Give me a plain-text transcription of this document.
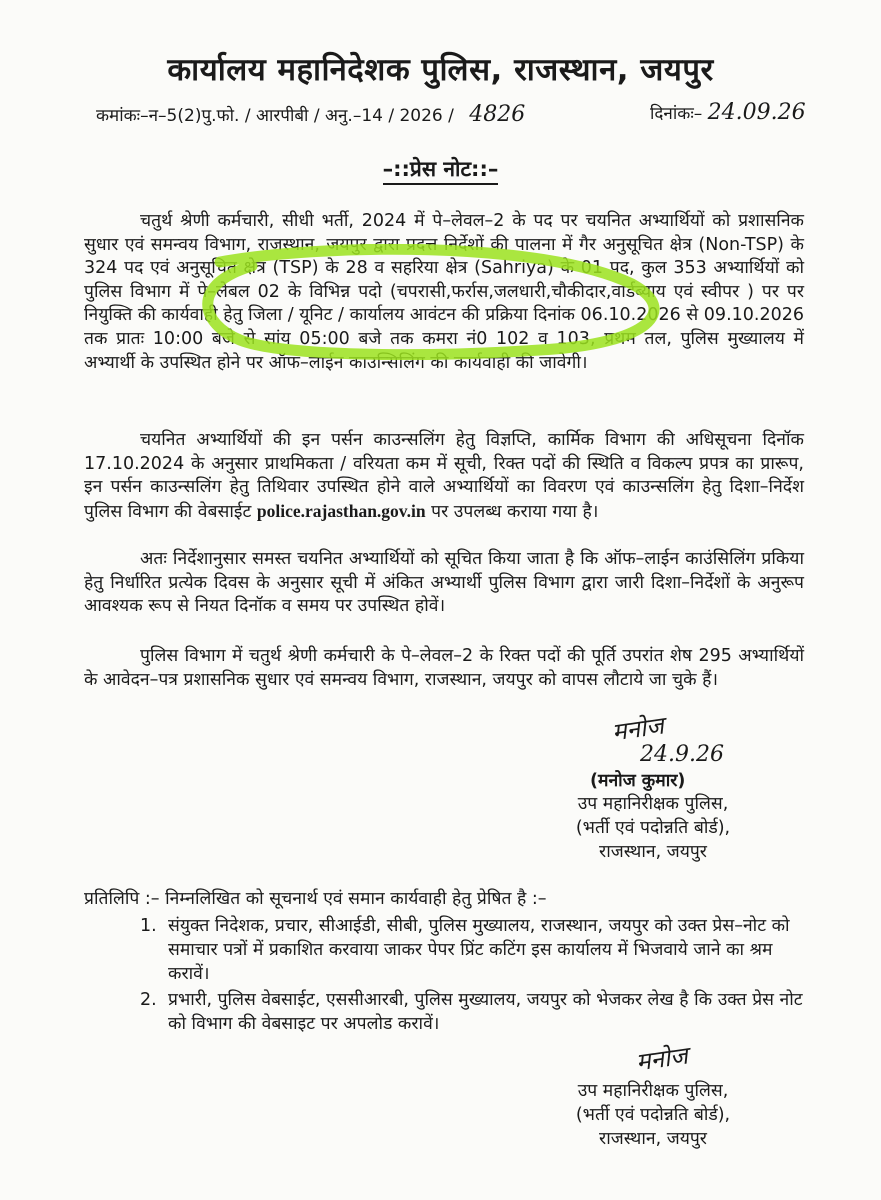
कार्यालय महानिदेशक पुलिस, राजस्थान, जयपुर
कमांकः–न–5(2)पु.फो. / आरपीबी / अनु.–14 / 2026 / 4826	दिनांकः– 24.09.26
–::प्रेस नोट::–
चतुर्थ श्रेणी कर्मचारी, सीधी भर्ती, 2024 में पे–लेवल–2 के पद पर चयनित अभ्यार्थियों को प्रशासनिक सुधार एवं समन्वय विभाग, राजस्थान, जयपुर द्वारा प्रदत्त निर्देशों की पालना में गैर अनुसूचित क्षेत्र (Non-TSP) के 324 पद एवं अनुसूचित क्षेत्र (TSP) के 28 व सहरिया क्षेत्र (Sahriya) के 01 पद, कुल 353 अभ्यार्थियों को पुलिस विभाग में पे–लेबल 02 के विभिन्न पदो (चपरासी,फर्रास,जलधारी,चौकीदार,वार्डब्याय एवं स्वीपर ) पर पर नियुक्ति की कार्यवाही हेतु जिला / यूनिट / कार्यालय आवंटन की प्रक्रिया दिनांक 06.10.2026 से 09.10.2026 तक प्रातः 10:00 बजे से सांय 05:00 बजे तक कमरा नं0 102 व 103, प्रथम तल, पुलिस मुख्यालय में अभ्यार्थी के उपस्थित होने पर ऑफ–लाईन काउन्सिलिंग की कार्यवाही की जावेगी।
चयनित अभ्यार्थियों की इन पर्सन काउन्सलिंग हेतु विज्ञप्ति, कार्मिक विभाग की अधिसूचना दिनॉक 17.10.2024 के अनुसार प्राथमिकता / वरियता कम में सूची, रिक्त पदों की स्थिति व विकल्प प्रपत्र का प्रारूप, इन पर्सन काउन्सलिंग हेतु तिथिवार उपस्थित होने वाले अभ्यार्थियों का विवरण एवं काउन्सलिंग हेतु दिशा–निर्देश पुलिस विभाग की वेबसाईट police.rajasthan.gov.in पर उपलब्ध कराया गया है।
अतः निर्देशानुसार समस्त चयनित अभ्यार्थियों को सूचित किया जाता है कि ऑफ–लाईन काउंसिलिंग प्रकिया हेतु निर्धारित प्रत्येक दिवस के अनुसार सूची में अंकित अभ्यार्थी पुलिस विभाग द्वारा जारी दिशा–निर्देशों के अनुरूप आवश्यक रूप से नियत दिनॉक व समय पर उपस्थित होवें।
पुलिस विभाग में चतुर्थ श्रेणी कर्मचारी के पे–लेवल–2 के रिक्त पदों की पूर्ति उपरांत शेष 295 अभ्यार्थियों के आवेदन–पत्र प्रशासनिक सुधार एवं समन्वय विभाग, राजस्थान, जयपुर को वापस लौटाये जा चुके हैं।
मनोज
24.9.26
(मनोज कुमार)
उप महानिरीक्षक पुलिस,
(भर्ती एवं पदोन्नति बोर्ड),
राजस्थान, जयपुर
प्रतिलिपि :– निम्नलिखित को सूचनार्थ एवं समान कार्यवाही हेतु प्रेषित है :–
1. संयुक्त निदेशक, प्रचार, सीआईडी, सीबी, पुलिस मुख्यालय, राजस्थान, जयपुर को उक्त प्रेस–नोट को समाचार पत्रों में प्रकाशित करवाया जाकर पेपर प्रिंट कटिंग इस कार्यालय में भिजवाये जाने का श्रम करावें।
2. प्रभारी, पुलिस वेबसाईट, एससीआरबी, पुलिस मुख्यालय, जयपुर को भेजकर लेख है कि उक्त प्रेस नोट को विभाग की वेबसाइट पर अपलोड करावें।
मनोज
उप महानिरीक्षक पुलिस,
(भर्ती एवं पदोन्नति बोर्ड),
राजस्थान, जयपुर
